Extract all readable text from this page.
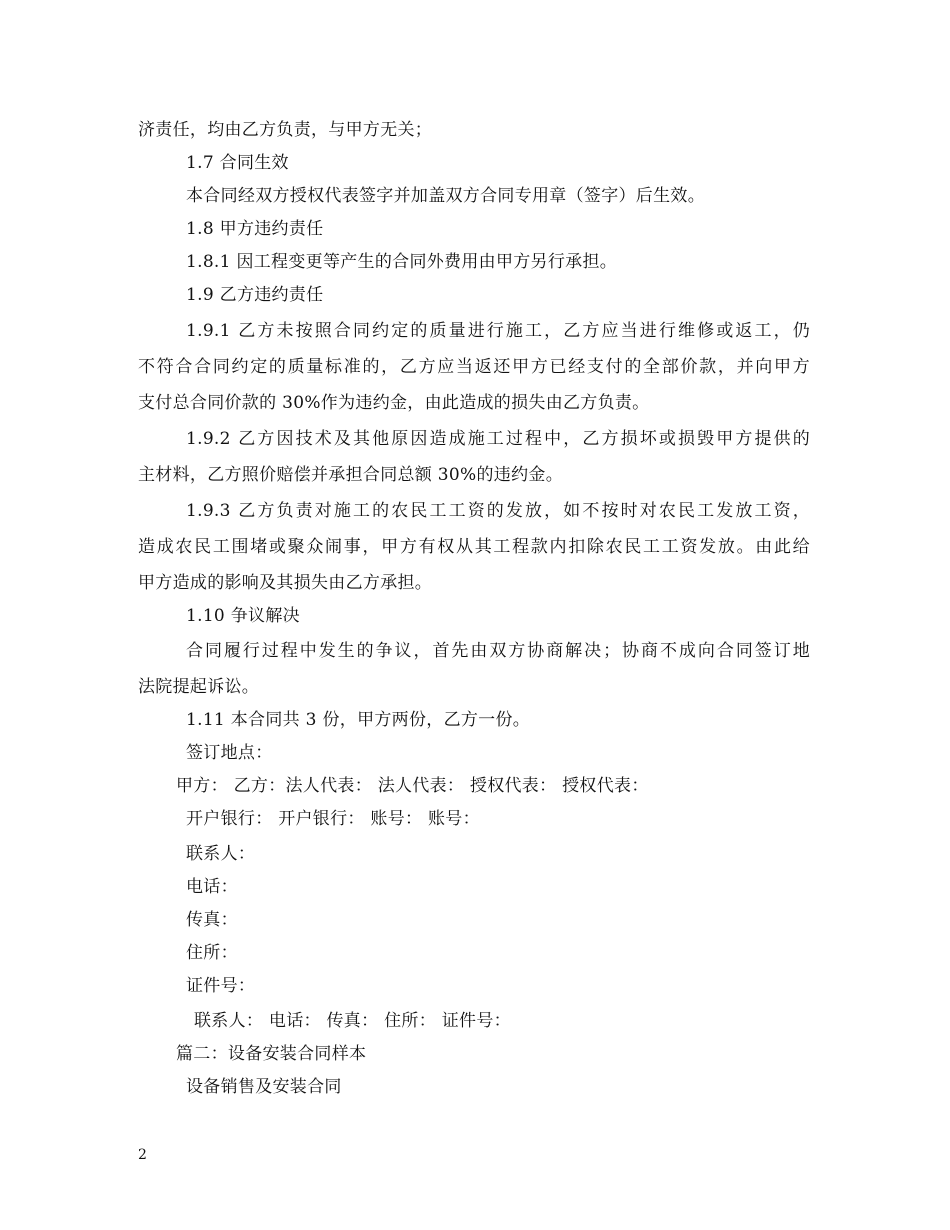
济责任，均由乙方负责，与甲方无关；
1.7 合同生效
本合同经双方授权代表签字并加盖双方合同专用章（签字）后生效。
1.8 甲方违约责任
1.8.1 因工程变更等产生的合同外费用由甲方另行承担。
1.9 乙方违约责任
1.9.1 乙方未按照合同约定的质量进行施工，乙方应当进行维修或返工，仍
不符合合同约定的质量标准的，乙方应当返还甲方已经支付的全部价款，并向甲方
支付总合同价款的 30%作为违约金，由此造成的损失由乙方负责。
1.9.2 乙方因技术及其他原因造成施工过程中，乙方损坏或损毁甲方提供的
主材料，乙方照价赔偿并承担合同总额 30%的违约金。
1.9.3 乙方负责对施工的农民工工资的发放，如不按时对农民工发放工资，
造成农民工围堵或聚众闹事，甲方有权从其工程款内扣除农民工工资发放。由此给
甲方造成的影响及其损失由乙方承担。
1.10 争议解决
合同履行过程中发生的争议，首先由双方协商解决；协商不成向合同签订地
法院提起诉讼。
1.11 本合同共 3 份，甲方两份，乙方一份。
签订地点：
甲方： 乙方：法人代表： 法人代表： 授权代表： 授权代表：
开户银行： 开户银行： 账号： 账号：
联系人：
电话：
传真：
住所：
证件号：
联系人： 电话： 传真： 住所： 证件号：
篇二：设备安装合同样本
设备销售及安装合同
2
